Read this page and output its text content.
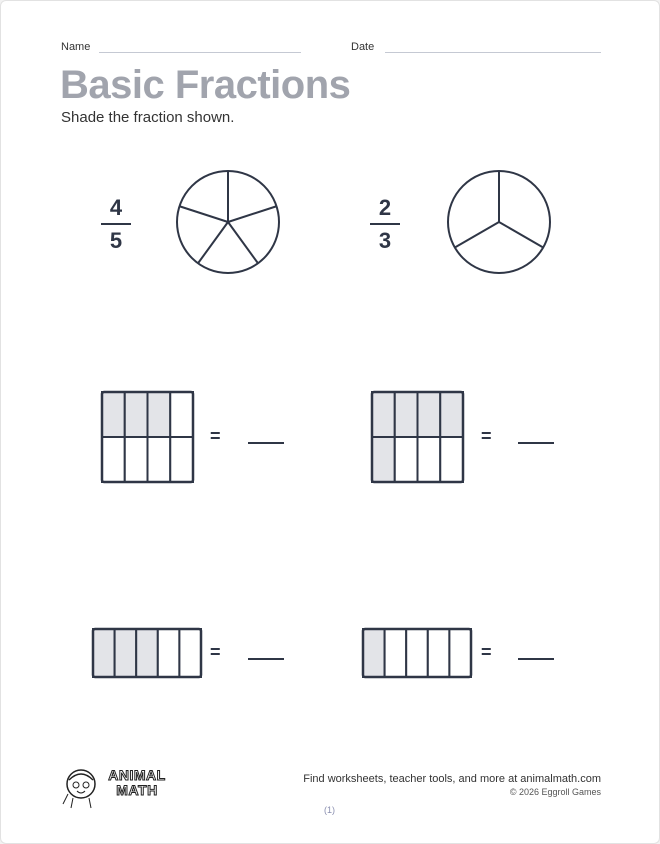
Name	Date
Basic Fractions
Shade the fraction shown.
4
5
2
3
=	=
=	=
ANIMAL MATH
Find worksheets, teacher tools, and more at animalmath.com
© 2026 Eggroll Games
(1)
